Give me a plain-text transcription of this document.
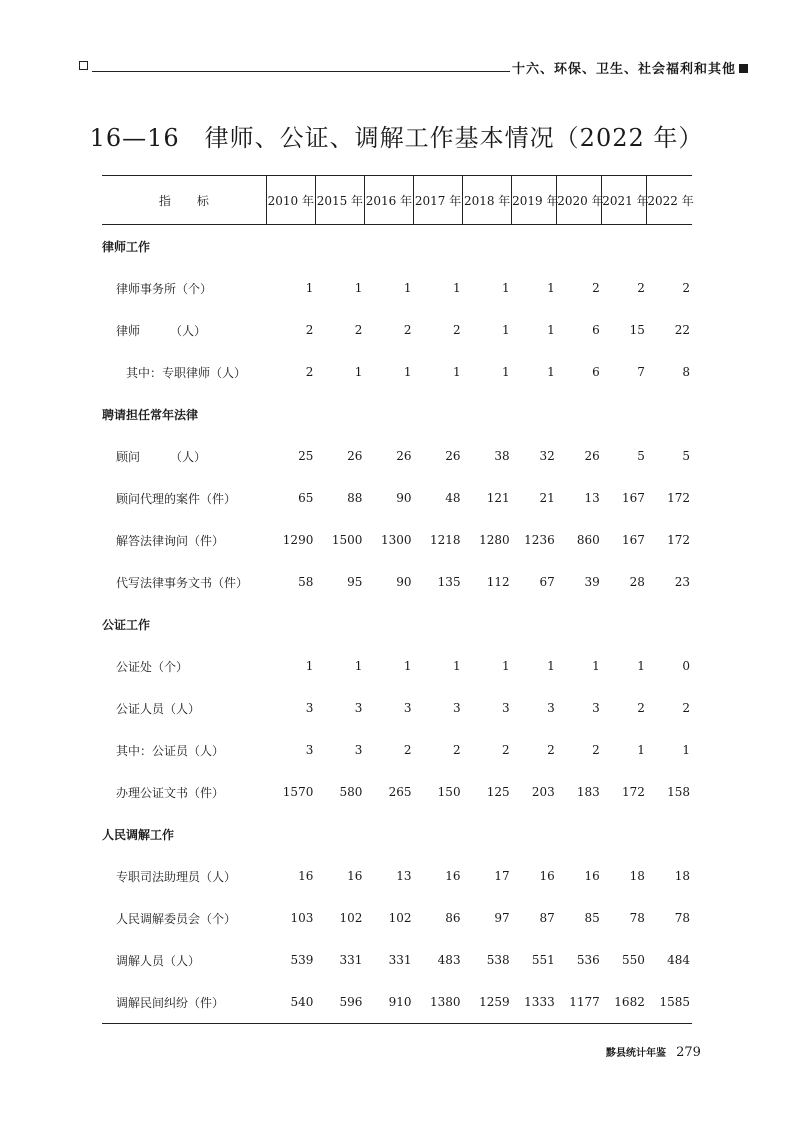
十六、环保、卫生、社会福利和其他
16—16　律师、公证、调解工作基本情况（2022 年）
指标	2010 年	2015 年	2016 年	2017 年	2018 年	2019 年	2020 年	2021 年	2022 年
律师工作									
律师事务所（个）	1	1	1	1	1	1	2	2	2
律师　　　（人）	2	2	2	2	1	1	6	15	22
其中：专职律师（人）	2	1	1	1	1	1	6	7	8
聘请担任常年法律									
顾问　　　（人）	25	26	26	26	38	32	26	5	5
顾问代理的案件（件）	65	88	90	48	121	21	13	167	172
解答法律询问（件）	1290	1500	1300	1218	1280	1236	860	167	172
代写法律事务文书（件）	58	95	90	135	112	67	39	28	23
公证工作									
公证处（个）	1	1	1	1	1	1	1	1	0
公证人员（人）	3	3	3	3	3	3	3	2	2
其中：公证员（人）	3	3	2	2	2	2	2	1	1
办理公证文书（件）	1570	580	265	150	125	203	183	172	158
人民调解工作									
专职司法助理员（人）	16	16	13	16	17	16	16	18	18
人民调解委员会（个）	103	102	102	86	97	87	85	78	78
调解人员（人）	539	331	331	483	538	551	536	550	484
调解民间纠纷（件）	540	596	910	1380	1259	1333	1177	1682	1585
黟县统计年鉴 279
